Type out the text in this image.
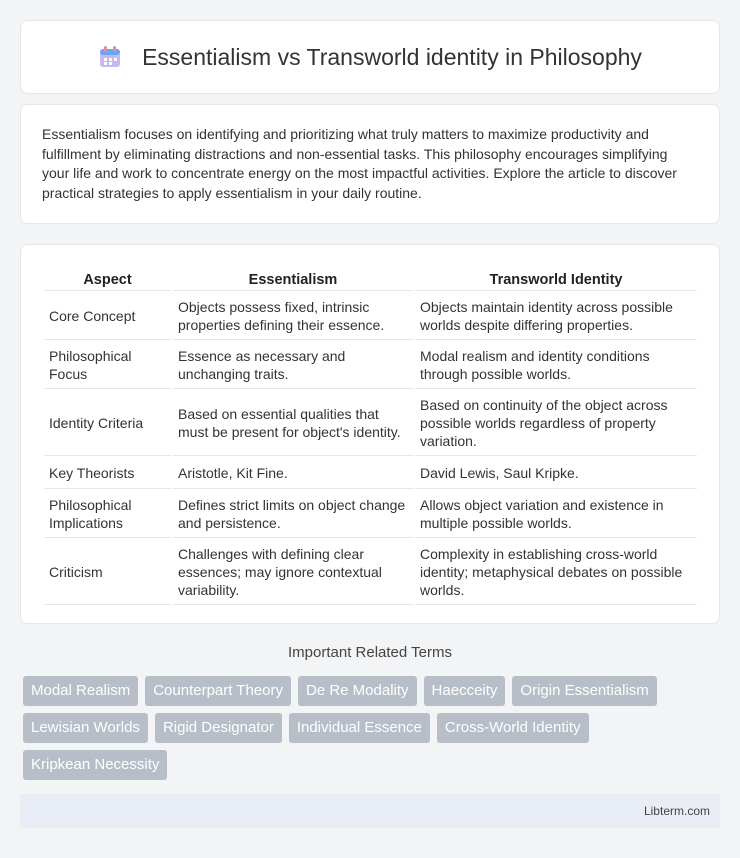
Essentialism vs Transworld identity in Philosophy

Essentialism focuses on identifying and prioritizing what truly matters to maximize productivity and fulfillment by eliminating distractions and non-essential tasks. This philosophy encourages simplifying your life and work to concentrate energy on the most impactful activities. Explore the article to discover practical strategies to apply essentialism in your daily routine.

Aspect	Essentialism	Transworld Identity
Core Concept	Objects possess fixed, intrinsic properties defining their essence.	Objects maintain identity across possible worlds despite differing properties.
Philosophical Focus	Essence as necessary and unchanging traits.	Modal realism and identity conditions through possible worlds.
Identity Criteria	Based on essential qualities that must be present for object's identity.	Based on continuity of the object across possible worlds regardless of property variation.
Key Theorists	Aristotle, Kit Fine.	David Lewis, Saul Kripke.
Philosophical Implications	Defines strict limits on object change and persistence.	Allows object variation and existence in multiple possible worlds.
Criticism	Challenges with defining clear essences; may ignore contextual variability.	Complexity in establishing cross-world identity; metaphysical debates on possible worlds.
Important Related Terms
Modal Realism	Counterpart Theory	De Re Modality	Haecceity	Origin Essentialism
Lewisian Worlds	Rigid Designator	Individual Essence	Cross-World Identity
Kripkean Necessity
Libterm.com
